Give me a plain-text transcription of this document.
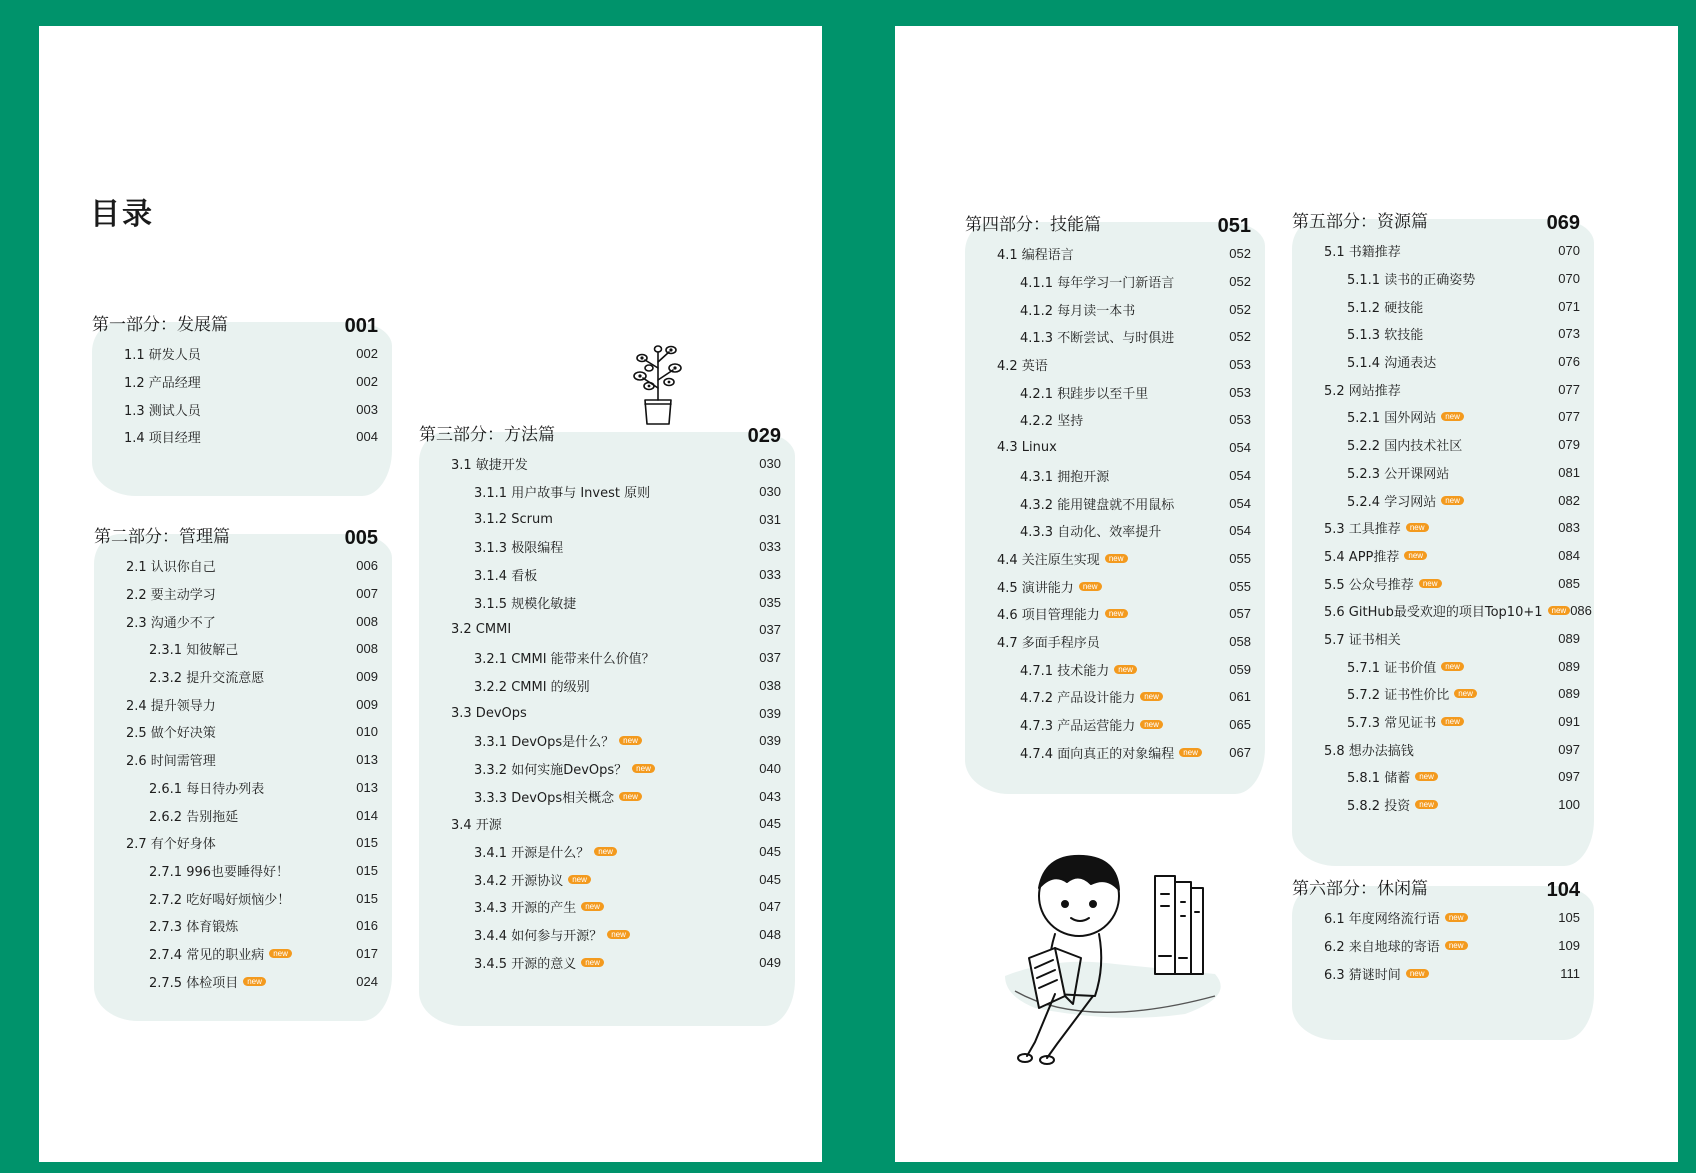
目录
第一部分：发展篇	001
1.1 研发人员	002
1.2 产品经理	002
1.3 测试人员	003
1.4 项目经理	004
第二部分：管理篇	005
2.1 认识你自己	006
2.2 要主动学习	007
2.3 沟通少不了	008
2.3.1 知彼解己	008
2.3.2 提升交流意愿	009
2.4 提升领导力	009
2.5 做个好决策	010
2.6 时间需管理	013
2.6.1 每日待办列表	013
2.6.2 告别拖延	014
2.7 有个好身体	015
2.7.1 996也要睡得好！	015
2.7.2 吃好喝好烦恼少！	015
2.7.3 体育锻炼	016
2.7.4 常见的职业病	new	017
2.7.5 体检项目	new	024
第三部分：方法篇	029
3.1 敏捷开发	030
3.1.1 用户故事与 Invest 原则	030
3.1.2 Scrum	031
3.1.3 极限编程	033
3.1.4 看板	033
3.1.5 规模化敏捷	035
3.2 CMMI	037
3.2.1 CMMI 能带来什么价值？	037
3.2.2 CMMI 的级别	038
3.3 DevOps	039
3.3.1 DevOps是什么？	new	039
3.3.2 如何实施DevOps？	new	040
3.3.3 DevOps相关概念	new	043
3.4 开源	045
3.4.1 开源是什么？	new	045
3.4.2 开源协议	new	045
3.4.3 开源的产生	new	047
3.4.4 如何参与开源？	new	048
3.4.5 开源的意义	new	049
第四部分：技能篇	051
4.1 编程语言	052
4.1.1 每年学习一门新语言	052
4.1.2 每月读一本书	052
4.1.3 不断尝试、与时俱进	052
4.2 英语	053
4.2.1 积跬步以至千里	053
4.2.2 坚持	053
4.3 Linux	054
4.3.1 拥抱开源	054
4.3.2 能用键盘就不用鼠标	054
4.3.3 自动化、效率提升	054
4.4 关注原生实现	new	055
4.5 演讲能力	new	055
4.6 项目管理能力	new	057
4.7 多面手程序员	058
4.7.1 技术能力	new	059
4.7.2 产品设计能力	new	061
4.7.3 产品运营能力	new	065
4.7.4 面向真正的对象编程	new	067
第五部分：资源篇	069
5.1 书籍推荐	070
5.1.1 读书的正确姿势	070
5.1.2 硬技能	071
5.1.3 软技能	073
5.1.4 沟通表达	076
5.2 网站推荐	077
5.2.1 国外网站	new	077
5.2.2 国内技术社区	079
5.2.3 公开课网站	081
5.2.4 学习网站	new	082
5.3 工具推荐	new	083
5.4 APP推荐	new	084
5.5 公众号推荐	new	085
5.6 GitHub最受欢迎的项目Top10+1	new 086
5.7 证书相关	089
5.7.1 证书价值	new	089
5.7.2 证书性价比	new	089
5.7.3 常见证书	new	091
5.8 想办法搞钱	097
5.8.1 储蓄	new	097
5.8.2 投资	new	100
第六部分：休闲篇	104
6.1 年度网络流行语	new	105
6.2 来自地球的寄语	new	109
6.3 猜谜时间	new	111
